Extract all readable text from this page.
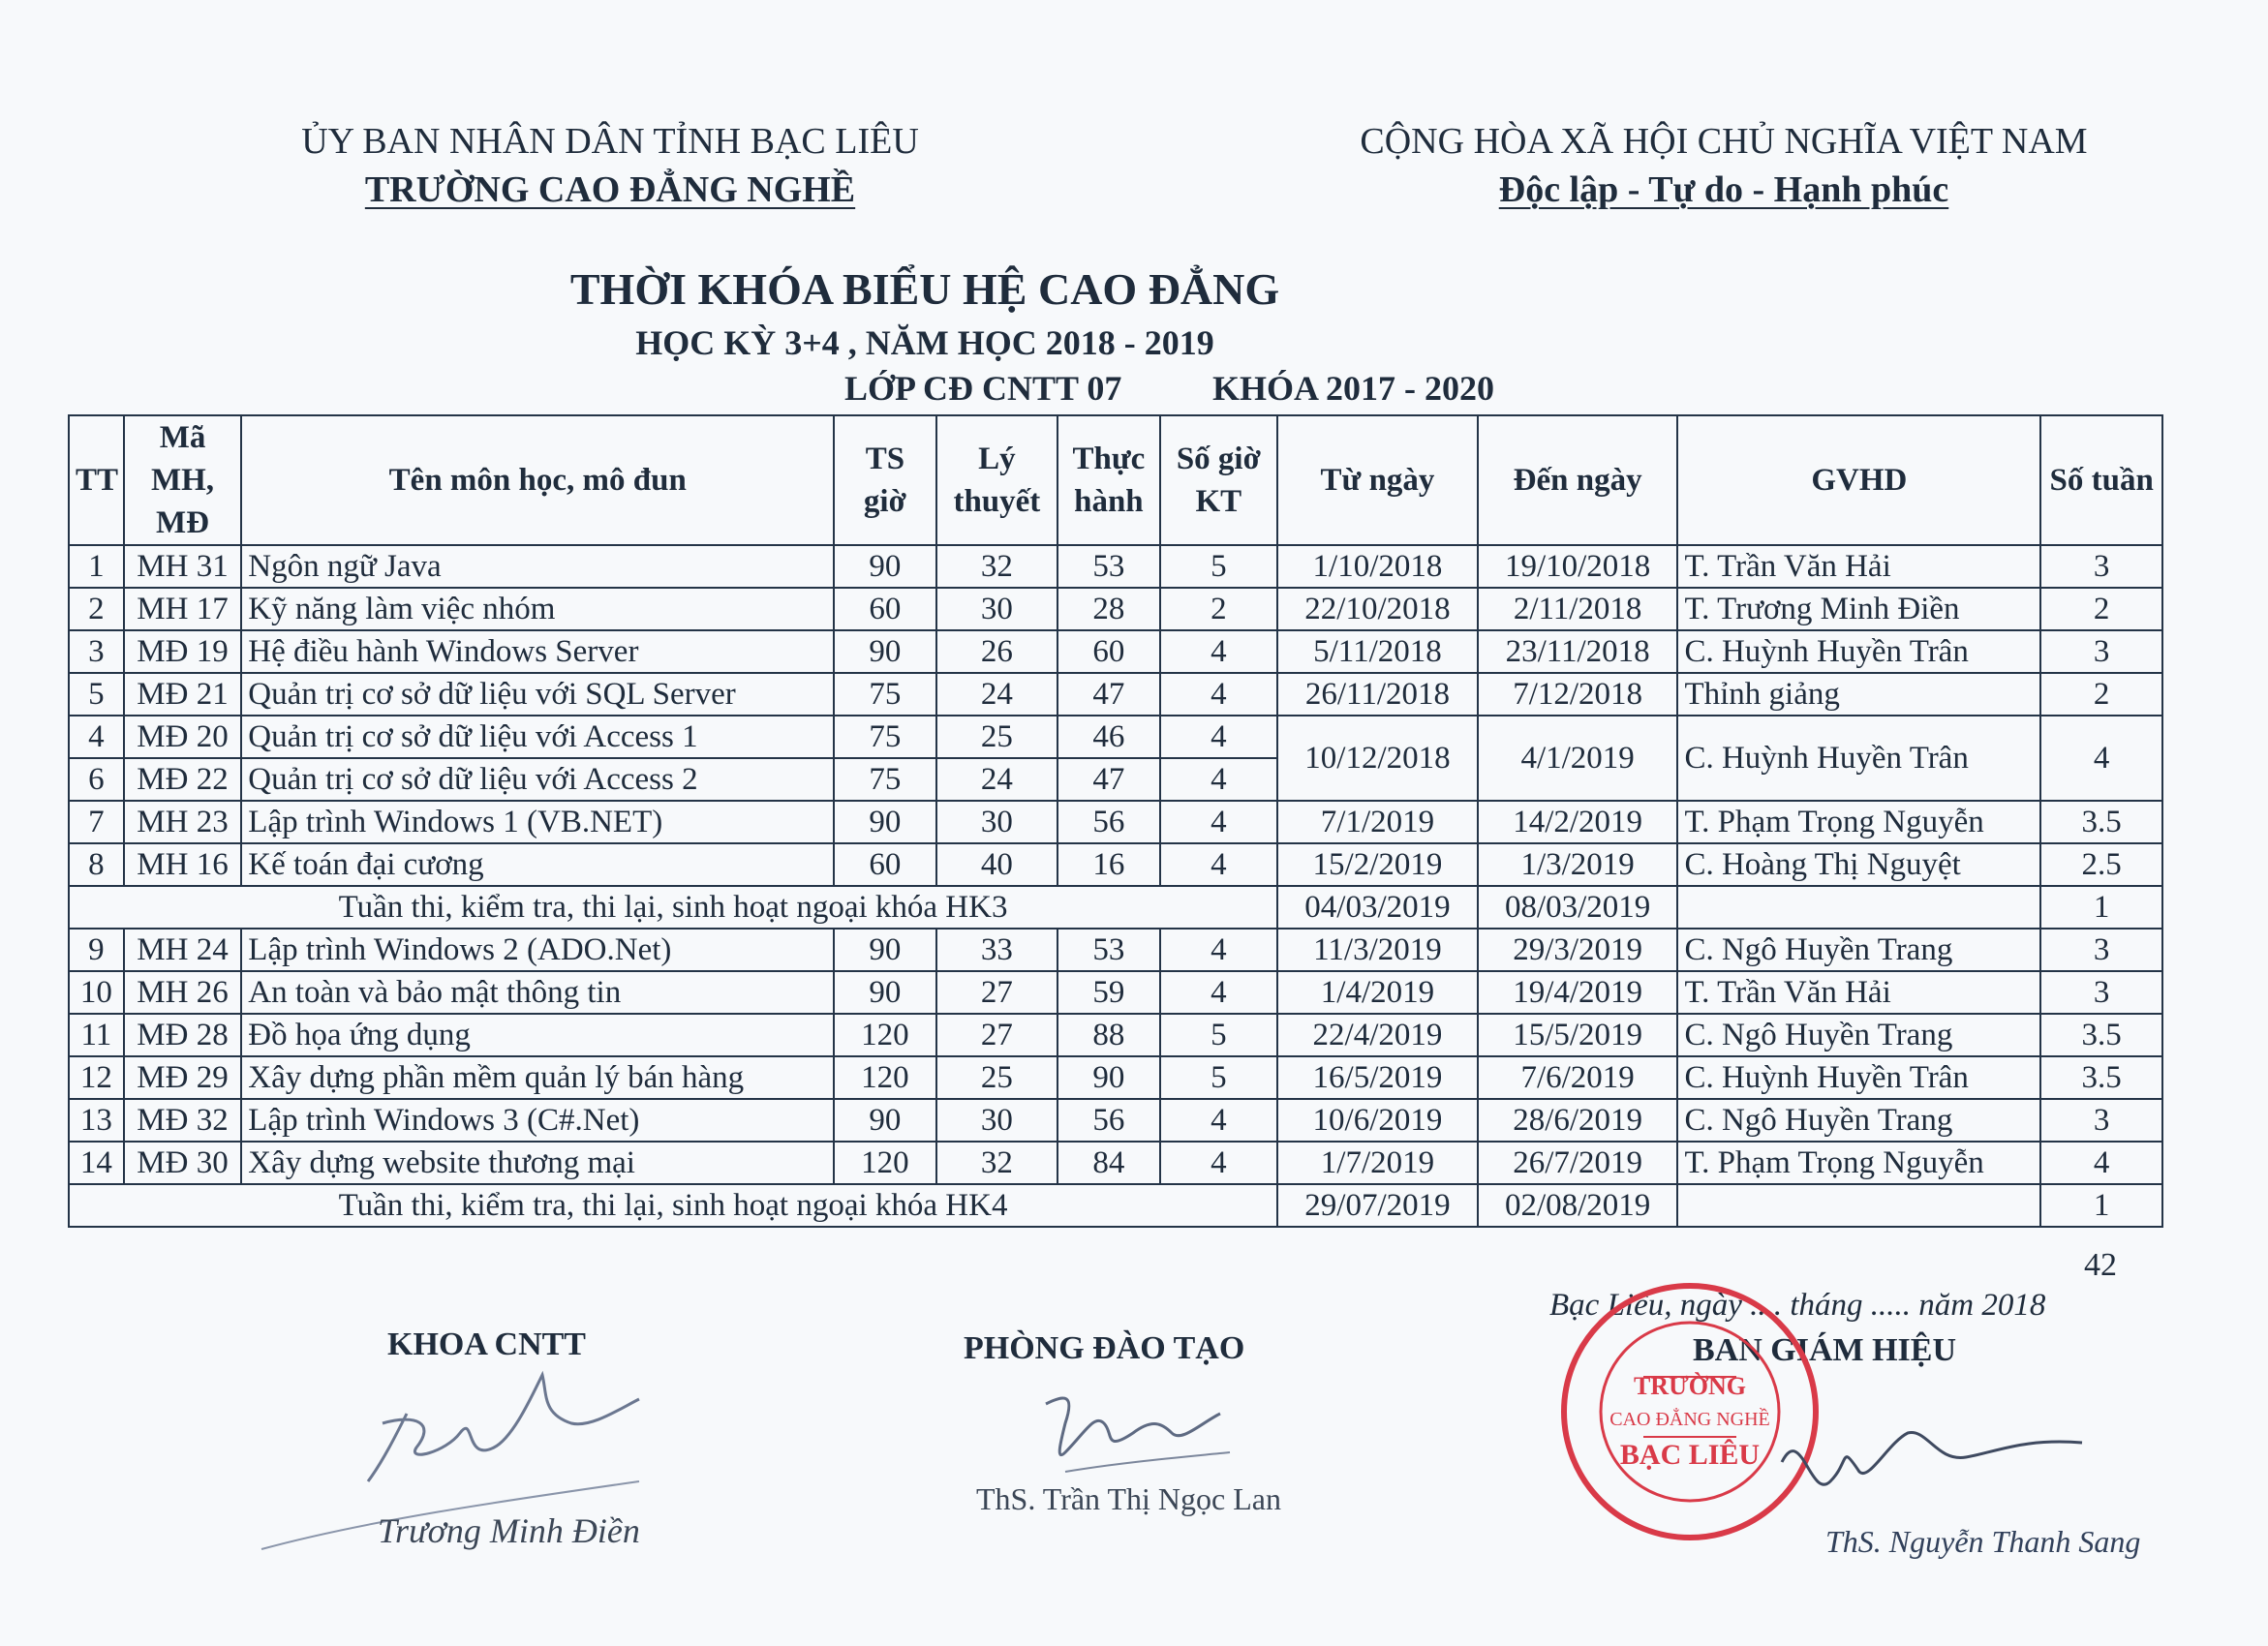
ỦY BAN NHÂN DÂN TỈNH BẠC LIÊU
TRƯỜNG CAO ĐẲNG NGHỀ
CỘNG HÒA XÃ HỘI CHỦ NGHĨA VIỆT NAM
Độc lập - Tự do - Hạnh phúc
THỜI KHÓA BIỂU HỆ CAO ĐẲNG
HỌC KỲ 3+4 , NĂM HỌC 2018 - 2019
LỚP CĐ CNTT 07	KHÓA 2017 - 2020
TT	Mã MH, MĐ	Tên môn học, mô đun	TS giờ	Lý thuyết	Thực hành	Số giờ KT	Từ ngày	Đến ngày	GVHD	Số tuần
1	MH 31	Ngôn ngữ Java	90	32	53	5	1/10/2018	19/10/2018	T. Trần Văn Hải	3
2	MH 17	Kỹ năng làm việc nhóm	60	30	28	2	22/10/2018	2/11/2018	T. Trương Minh Điền	2
3	MĐ 19	Hệ điều hành Windows Server	90	26	60	4	5/11/2018	23/11/2018	C. Huỳnh Huyền Trân	3
5	MĐ 21	Quản trị cơ sở dữ liệu với SQL Server	75	24	47	4	26/11/2018	7/12/2018	Thỉnh giảng	2
4	MĐ 20	Quản trị cơ sở dữ liệu với Access 1	75	25	46	4	10/12/2018	4/1/2019	C. Huỳnh Huyền Trân	4
6	MĐ 22	Quản trị cơ sở dữ liệu với Access 2	75	24	47	4				
7	MH 23	Lập trình Windows 1 (VB.NET)	90	30	56	4	7/1/2019	14/2/2019	T. Phạm Trọng Nguyễn	3.5
8	MH 16	Kế toán đại cương	60	40	16	4	15/2/2019	1/3/2019	C. Hoàng Thị Nguyệt	2.5
Tuần thi, kiểm tra, thi lại, sinh hoạt ngoại khóa HK3							04/03/2019	08/03/2019		1
9	MH 24	Lập trình Windows 2 (ADO.Net)	90	33	53	4	11/3/2019	29/3/2019	C. Ngô Huyền Trang	3
10	MH 26	An toàn và bảo mật thông tin	90	27	59	4	1/4/2019	19/4/2019	T. Trần Văn Hải	3
11	MĐ 28	Đồ họa ứng dụng	120	27	88	5	22/4/2019	15/5/2019	C. Ngô Huyền Trang	3.5
12	MĐ 29	Xây dựng phần mềm quản lý bán hàng	120	25	90	5	16/5/2019	7/6/2019	C. Huỳnh Huyền Trân	3.5
13	MĐ 32	Lập trình Windows 3 (C#.Net)	90	30	56	4	10/6/2019	28/6/2019	C. Ngô Huyền Trang	3
14	MĐ 30	Xây dựng website thương mại	120	32	84	4	1/7/2019	26/7/2019	T. Phạm Trọng Nguyễn	4
Tuần thi, kiểm tra, thi lại, sinh hoạt ngoại khóa HK4							29/07/2019	02/08/2019		1
42
Bạc Liêu, ngày .... tháng ..... năm 2018
KHOA CNTT	PHÒNG ĐÀO TẠO	BAN GIÁM HIỆU
Trương Minh Điền
ThS. Trần Thị Ngọc Lan
TRƯỜNG
CAO ĐẲNG NGHỀ
BẠC LIÊU
ThS. Nguyễn Thanh Sang
